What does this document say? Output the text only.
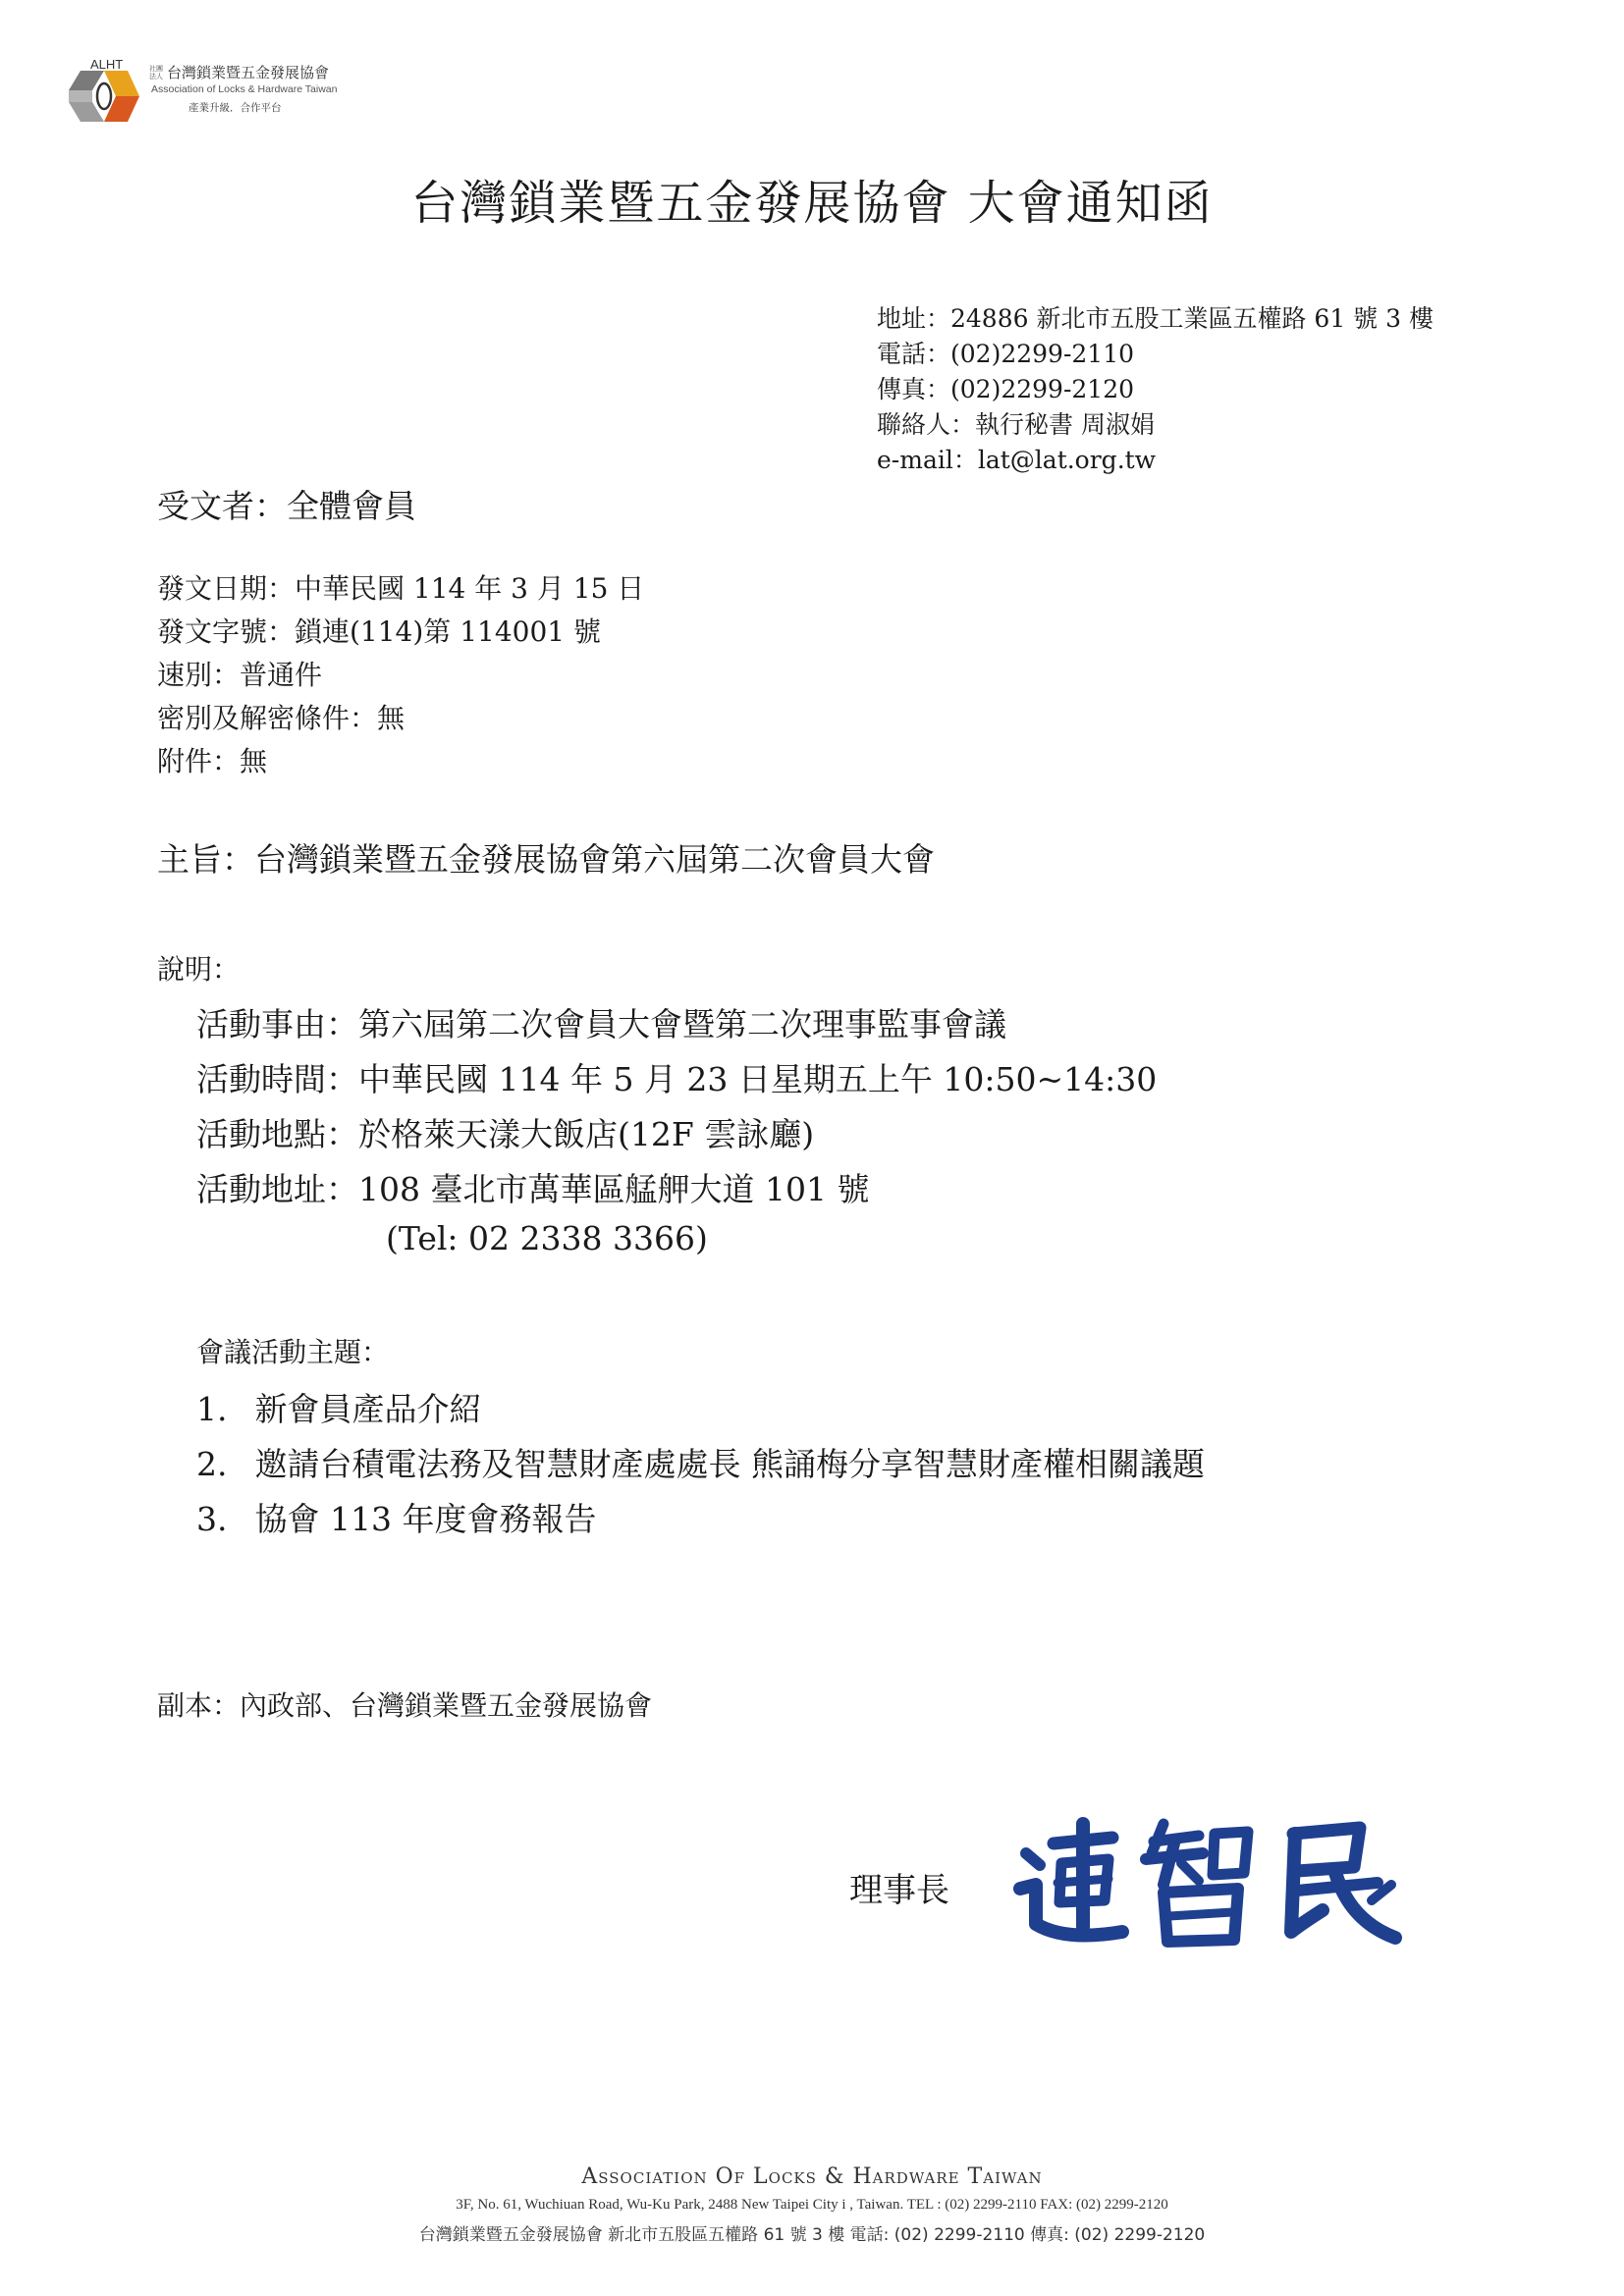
ALHT	社團法人 台灣鎖業暨五金發展協會
Association of Locks & Hardware Taiwan
產業升級．合作平台
台灣鎖業暨五金發展協會 大會通知函
地址：24886 新北市五股工業區五權路 61 號 3 樓
電話：(02)2299-2110
傳真：(02)2299-2120
聯絡人：執行秘書 周淑娟
e-mail：lat@lat.org.tw
受文者：全體會員
發文日期：中華民國 114 年 3 月 15 日
發文字號：鎖連(114)第 114001 號
速別：普通件
密別及解密條件：無
附件：無
主旨：台灣鎖業暨五金發展協會第六屆第二次會員大會
說明：
活動事由：第六屆第二次會員大會暨第二次理事監事會議
活動時間：中華民國 114 年 5 月 23 日星期五上午 10:50~14:30
活動地點：於格萊天漾大飯店(12F 雲詠廳)
活動地址：108 臺北市萬華區艋舺大道 101 號
(Tel: 02 2338 3366)
會議活動主題：
1. 新會員產品介紹
2. 邀請台積電法務及智慧財產處處長 熊誦梅分享智慧財產權相關議題
3. 協會 113 年度會務報告
副本：內政部、台灣鎖業暨五金發展協會
理事長
Association Of Locks & Hardware Taiwan
3F, No. 61, Wuchiuan Road, Wu-Ku Park, 2488 New Taipei City i , Taiwan. TEL : (02) 2299-2110 FAX: (02) 2299-2120
台灣鎖業暨五金發展協會 新北市五股區五權路 61 號 3 樓 電話: (02) 2299-2110 傳真: (02) 2299-2120
